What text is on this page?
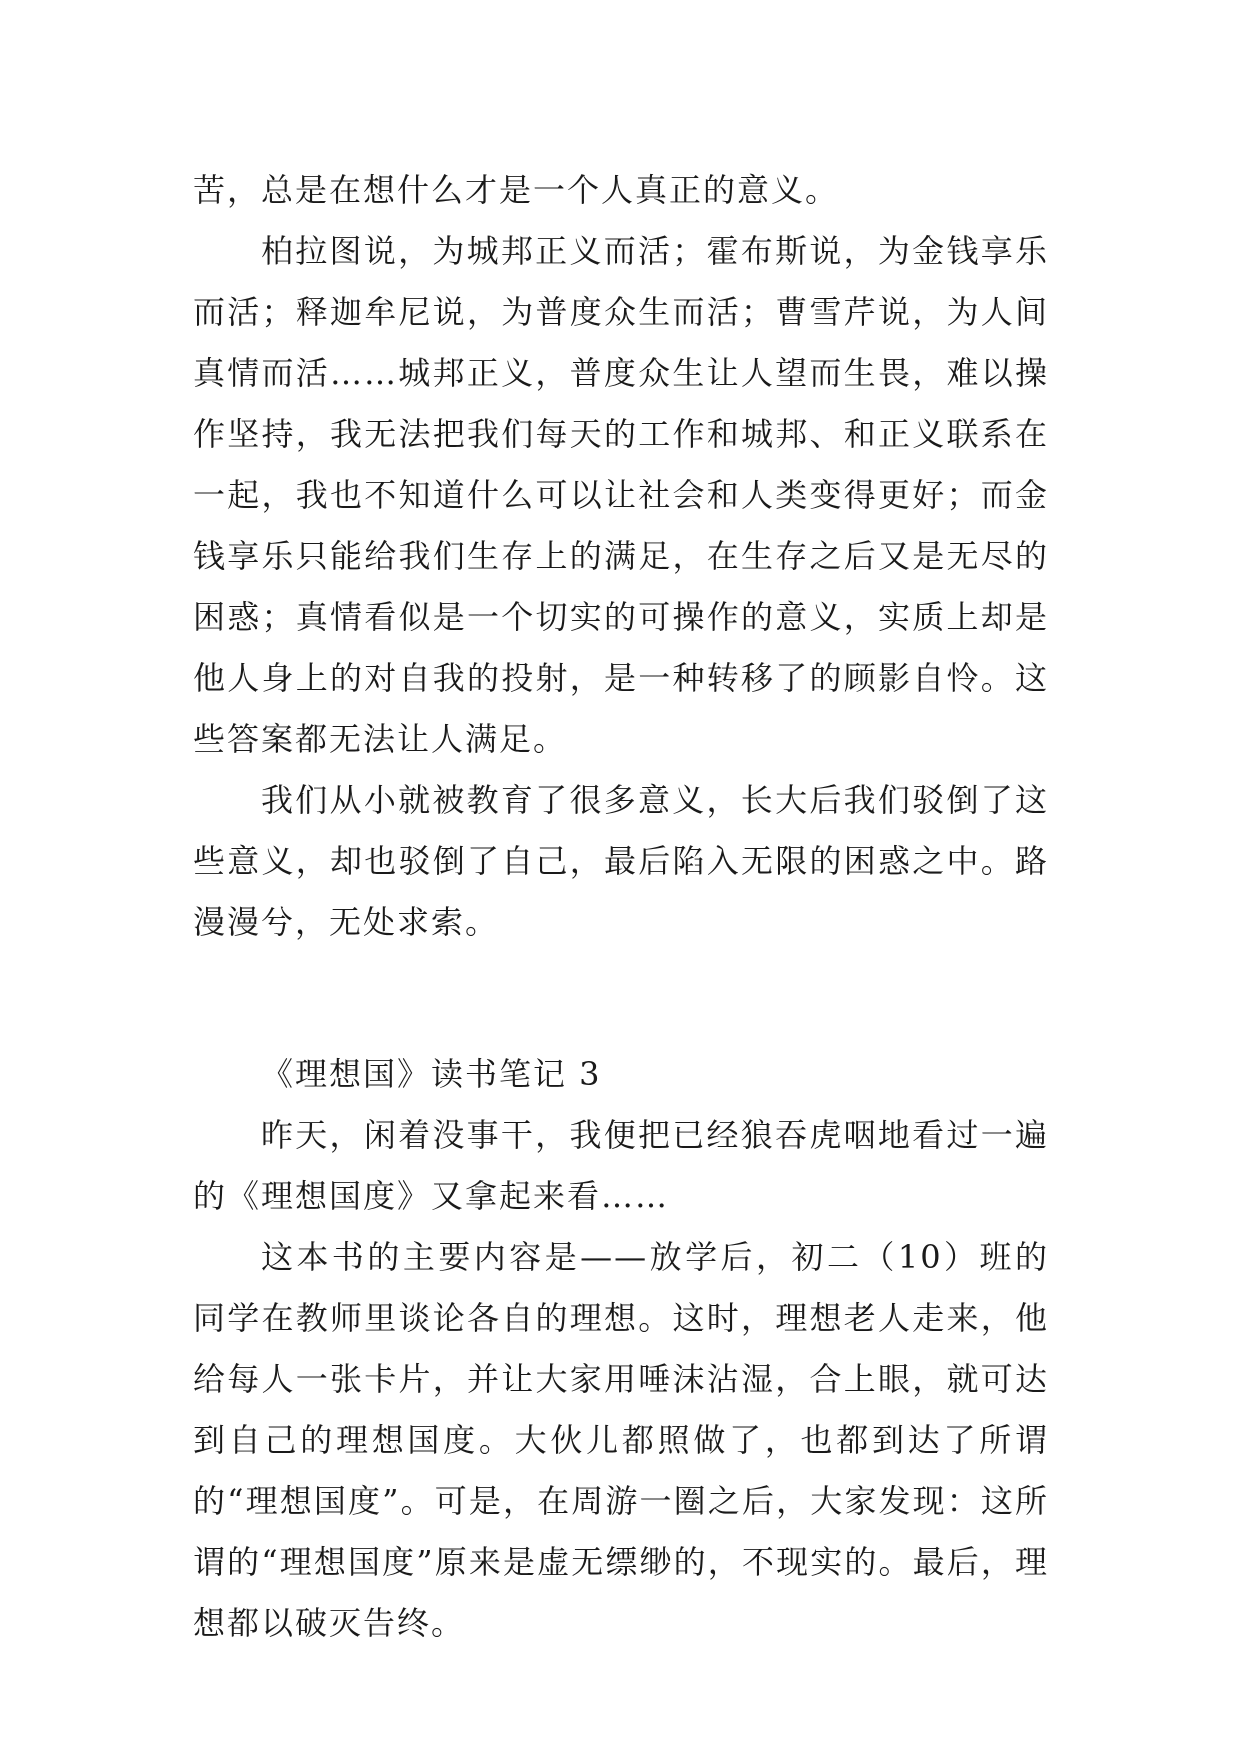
苦，总是在想什么才是一个人真正的意义。

柏拉图说，为城邦正义而活；霍布斯说，为金钱享乐而活；释迦牟尼说，为普度众生而活；曹雪芹说，为人间真情而活……城邦正义，普度众生让人望而生畏，难以操作坚持，我无法把我们每天的工作和城邦、和正义联系在一起，我也不知道什么可以让社会和人类变得更好；而金钱享乐只能给我们生存上的满足，在生存之后又是无尽的困惑；真情看似是一个切实的可操作的意义，实质上却是他人身上的对自我的投射，是一种转移了的顾影自怜。这些答案都无法让人满足。

我们从小就被教育了很多意义，长大后我们驳倒了这些意义，却也驳倒了自己，最后陷入无限的困惑之中。路漫漫兮，无处求索。

《理想国》读书笔记 3

昨天，闲着没事干，我便把已经狼吞虎咽地看过一遍的《理想国度》又拿起来看……

这本书的主要内容是——放学后，初二（10）班的同学在教师里谈论各自的理想。这时，理想老人走来，他给每人一张卡片，并让大家用唾沫沾湿，合上眼，就可达到自己的理想国度。大伙儿都照做了，也都到达了所谓的“理想国度”。可是，在周游一圈之后，大家发现：这所谓的“理想国度”原来是虚无缥缈的，不现实的。最后，理想都以破灭告终。
